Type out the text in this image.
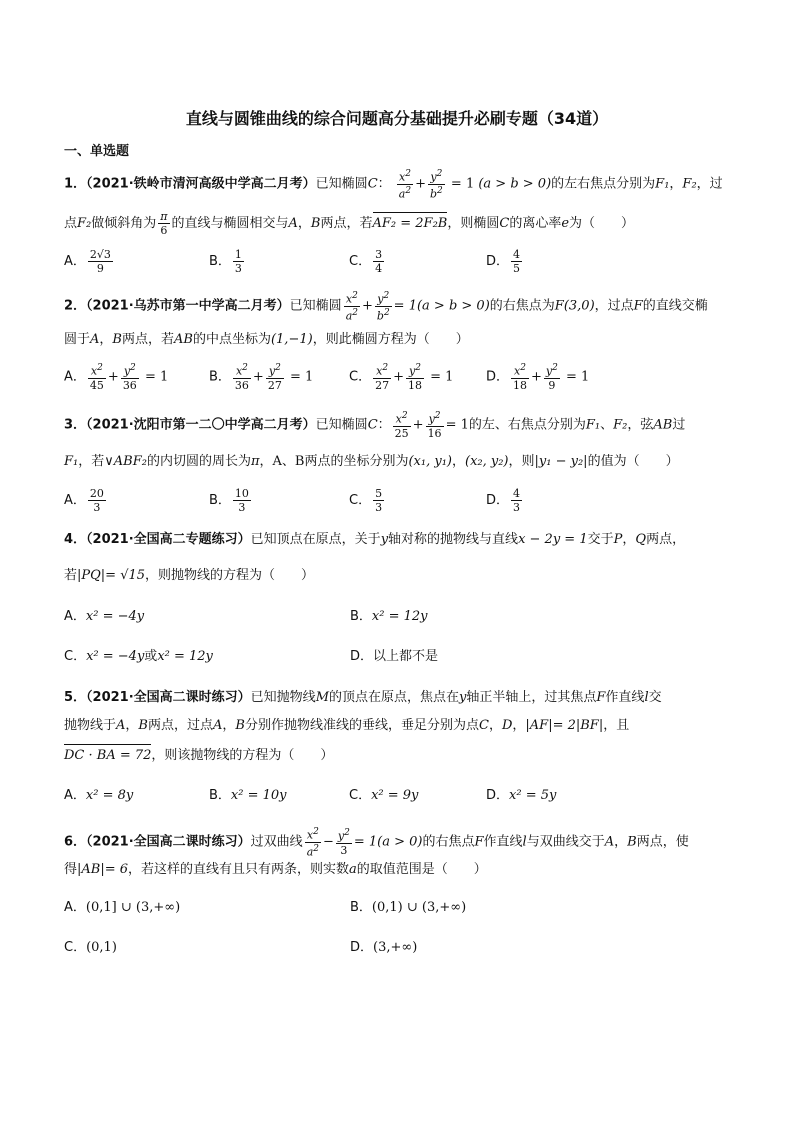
直线与圆锥曲线的综合问题高分基础提升必刷专题（34道）
一、单选题
1．（2021·铁岭市清河高级中学高二月考）已知椭圆C： $\frac{x^2}{a^2} + \frac{y^2}{b^2} = 1$ (a > b > 0)的左右焦点分别为F₁，F₂，过
点F₂做倾斜角为 $\frac{\pi}{6}$ 的直线与椭圆相交与A，B两点，若AF₂ = 2F₂B，则椭圆C的离心率e为（　　）
A． $\frac{2√3}{9}$	B． $\frac{1}{3}$	C． $\frac{3}{4}$	D． $\frac{4}{5}$
2．（2021·乌苏市第一中学高二月考）已知椭圆 $\frac{x^2}{a^2} + \frac{y^2}{b^2} = 1(a > b > 0)$的右焦点为F(3,0)，过点F的直线交椭
圆于A，B两点，若AB的中点坐标为(1,−1)，则此椭圆方程为（　　）
A． $\frac{x^2}{45} + \frac{y^2}{36} = 1$	B． $\frac{x^2}{36} + \frac{y^2}{27} = 1$	C． $\frac{x^2}{27} + \frac{y^2}{18} = 1$	D． $\frac{x^2}{18} + \frac{y^2}{9} = 1$
3．（2021·沈阳市第一二〇中学高二月考）已知椭圆C： $\frac{x^2}{25} + \frac{y^2}{16} = 1$的左、右焦点分别为F₁、F₂，弦AB过
F₁，若∨ABF₂的内切圆的周长为π，A、B两点的坐标分别为(x₁, y₁)，(x₂, y₂)，则|y₁ − y₂|的值为（　　）
A． $\frac{20}{3}$	B． $\frac{10}{3}$	C． $\frac{5}{3}$	D． $\frac{4}{3}$
4．（2021·全国高二专题练习）已知顶点在原点，关于y轴对称的抛物线与直线x − 2y = 1交于P，Q两点，
若|PQ|= √15，则抛物线的方程为（　　）
A．x² = −4y	B．x² = 12y
C．x² = −4y或x² = 12y	D．以上都不是
5．（2021·全国高二课时练习）已知抛物线M的顶点在原点，焦点在y轴正半轴上，过其焦点F作直线l交
抛物线于A，B两点，过点A，B分别作抛物线准线的垂线，垂足分别为点C，D，|AF|= 2|BF|，且
DC · BA = 72，则该抛物线的方程为（　　）
A．x² = 8y	B．x² = 10y	C．x² = 9y	D．x² = 5y
6．（2021·全国高二课时练习）过双曲线 $\frac{x^2}{a^2} - \frac{y^2}{3} = 1(a > 0)$的右焦点F作直线l与双曲线交于A，B两点，使
得|AB|= 6，若这样的直线有且只有两条，则实数a的取值范围是（　　）
A．(0,1] ∪ (3,+∞)	B．(0,1) ∪ (3,+∞)
C．(0,1)	D．(3,+∞)
